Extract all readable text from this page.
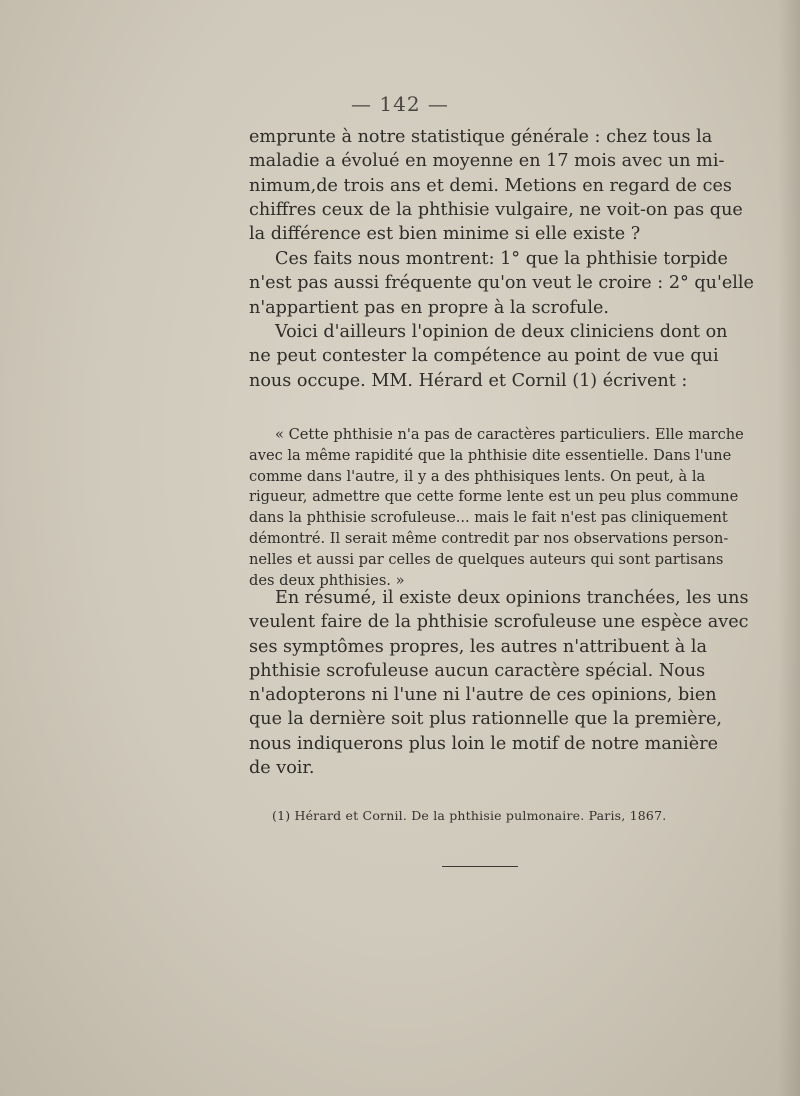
— 142 —
emprunte à notre statistique générale : chez tous la
maladie a évolué en moyenne en 17 mois avec un mi-
nimum,de trois ans et demi. Metions en regard de ces
chiffres ceux de la phthisie vulgaire, ne voit-on pas que
la différence est bien minime si elle existe ?
Ces faits nous montrent: 1° que la phthisie torpide
n'est pas aussi fréquente qu'on veut le croire : 2° qu'elle
n'appartient pas en propre à la scrofule.
Voici d'ailleurs l'opinion de deux cliniciens dont on
ne peut contester la compétence au point de vue qui
nous occupe. MM. Hérard et Cornil (1) écrivent :
« Cette phthisie n'a pas de caractères particuliers. Elle marche
avec la même rapidité que la phthisie dite essentielle. Dans l'une
comme dans l'autre, il y a des phthisiques lents. On peut, à la
rigueur, admettre que cette forme lente est un peu plus commune
dans la phthisie scrofuleuse... mais le fait n'est pas cliniquement
démontré. Il serait même contredit par nos observations person-
nelles et aussi par celles de quelques auteurs qui sont partisans
des deux phthisies. »
En résumé, il existe deux opinions tranchées, les uns
veulent faire de la phthisie scrofuleuse une espèce avec
ses symptômes propres, les autres n'attribuent à la
phthisie scrofuleuse aucun caractère spécial. Nous
n'adopterons ni l'une ni l'autre de ces opinions, bien
que la dernière soit plus rationnelle que la première,
nous indiquerons plus loin le motif de notre manière
de voir.
(1) Hérard et Cornil. De la phthisie pulmonaire. Paris, 1867.
